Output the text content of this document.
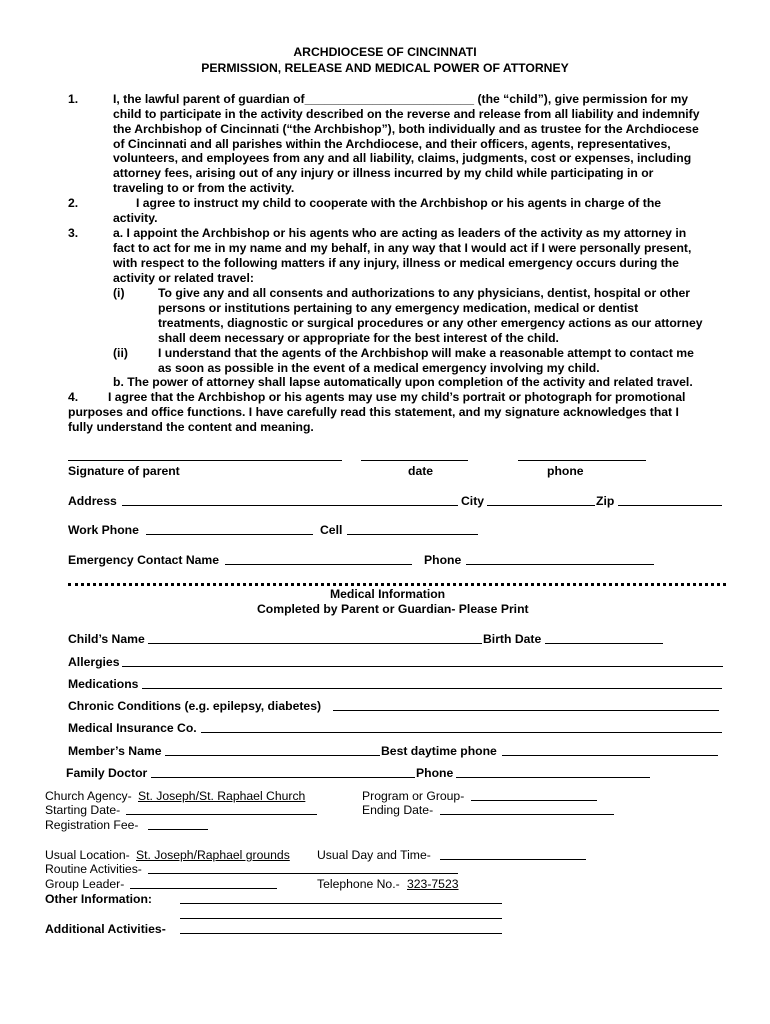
ARCHDIOCESE OF CINCINNATI
PERMISSION, RELEASE AND MEDICAL POWER OF ATTORNEY
1.	I, the lawful parent of guardian of_________________________ (the “child”), give permission for my
child to participate in the activity described on the reverse and release from all liability and indemnify
the Archbishop of Cincinnati (“the Archbishop”), both individually and as trustee for the Archdiocese
of Cincinnati and all parishes within the Archdiocese, and their officers, agents, representatives,
volunteers, and employees from any and all liability, claims, judgments, cost or expenses, including
attorney fees, arising out of any injury or illness incurred by my child while participating in or
traveling to or from the activity.
2.	I agree to instruct my child to cooperate with the Archbishop or his agents in charge of the
activity.
3.	a. I appoint the Archbishop or his agents who are acting as leaders of the activity as my attorney in
fact to act for me in my name and my behalf, in any way that I would act if I were personally present,
with respect to the following matters if any injury, illness or medical emergency occurs during the
activity or related travel:
(i)	To give any and all consents and authorizations to any physicians, dentist, hospital or other
persons or institutions pertaining to any emergency medication, medical or dentist
treatments, diagnostic or surgical procedures or any other emergency actions as our attorney
shall deem necessary or appropriate for the best interest of the child.
(ii) I understand that the agents of the Archbishop will make a reasonable attempt to contact me
as soon as possible in the event of a medical emergency involving my child.
b. The power of attorney shall lapse automatically upon completion of the activity and related travel.
4. I agree that the Archbishop or his agents may use my child’s portrait or photograph for promotional
purposes and office functions. I have carefully read this statement, and my signature acknowledges that I
fully understand the content and meaning.
Signature of parent	date	phone
Address	City	Zip
Work Phone	Cell
Emergency Contact Name	Phone
Medical Information
Completed by Parent or Guardian- Please Print
Child’s Name	Birth Date
Allergies
Medications
Chronic Conditions (e.g. epilepsy, diabetes)
Medical Insurance Co.
Member’s Name	Best daytime phone
Family Doctor	Phone
Church Agency- St. Joseph/St. Raphael Church	Program or Group-
Starting Date-	Ending Date-
Registration Fee-
Usual Location- St. Joseph/Raphael grounds Usual Day and Time-
Routine Activities-
Group Leader-	Telephone No.- 323-7523
Other Information:
Additional Activities-
